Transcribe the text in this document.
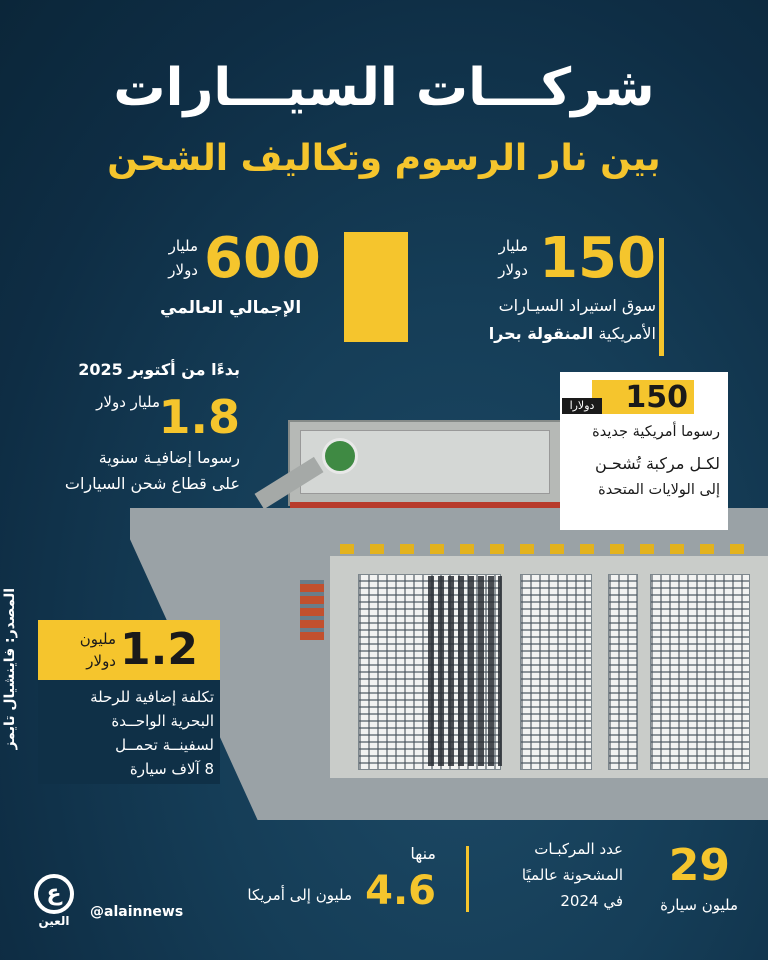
شركـــات السيـــارات
بين نار الرسوم وتكاليف الشحن
150
مليار دولار
سوق استيراد السيـارات
الأمريكية المنقولة بحرا
600
مليار دولار
الإجمالي العالمي
بدءًا من أكتوبر 2025
1.8
مليار دولار
رسوما إضافيـة سنوية
على قطاع شحن السيارات
150
دولارا
رسوما أمريكية جديدة
لكـل مركبة تُشحـن
إلى الولايات المتحدة
1.2
مليون دولار
تكلفة إضافية للرحلة
البحرية الواحــدة
لسفينــة تحمــل
8 آلاف سيارة
المصدر: فاينشيال تايمز
29
مليون سيارة
عدد المركبـات
المشحونة عالميًا
في 2024
منها
4.6
مليون إلى أمريكا
ع
العين
@alainnews
